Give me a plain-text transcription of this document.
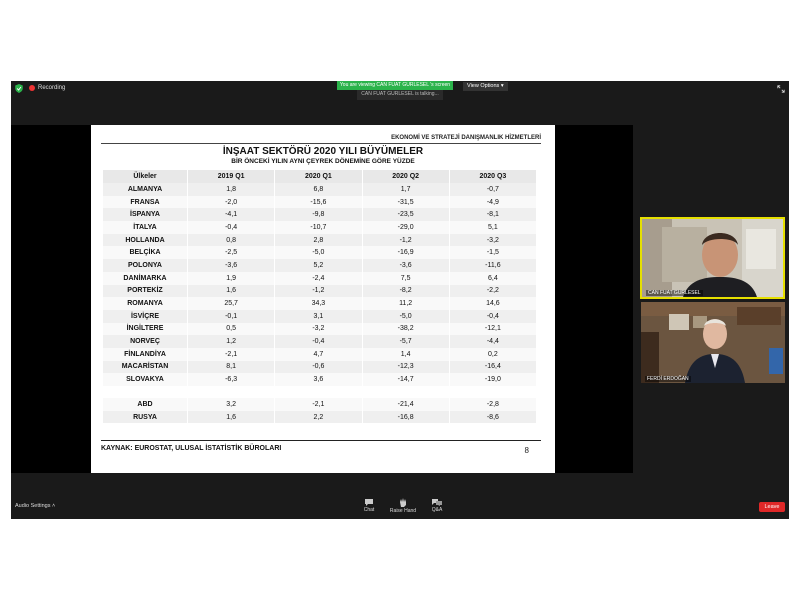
Recording	You are viewing CAN FUAT GURLESEL 's screen
CAN FUAT GURLESEL is talking...
View Options ▾
EKONOMİ VE STRATEJİ DANIŞMANLIK HİZMETLERİ
İNŞAAT SEKTÖRÜ 2020 YILI BÜYÜMELER
BİR ÖNCEKİ YILIN AYNI ÇEYREK DÖNEMİNE GÖRE YÜZDE
Ülkeler	2019 Q1	2020 Q1	2020 Q2	2020 Q3
ALMANYA	1,8	6,8	1,7	-0,7
FRANSA	-2,0	-15,6	-31,5	-4,9
İSPANYA	-4,1	-9,8	-23,5	-8,1
İTALYA	-0,4	-10,7	-29,0	5,1
HOLLANDA	0,8	2,8	-1,2	-3,2
BELÇİKA	-2,5	-5,0	-16,9	-1,5
POLONYA	-3,6	5,2	-3,6	-11,6
DANİMARKA	1,9	-2,4	7,5	6,4
PORTEKİZ	1,6	-1,2	-8,2	-2,2
ROMANYA	25,7	34,3	11,2	14,6
İSVİÇRE	-0,1	3,1	-5,0	-0,4
İNGİLTERE	0,5	-3,2	-38,2	-12,1
NORVEÇ	1,2	-0,4	-5,7	-4,4
FİNLANDİYA	-2,1	4,7	1,4	0,2
MACARİSTAN	8,1	-0,6	-12,3	-16,4
SLOVAKYA	-6,3	3,6	-14,7	-19,0

ABD	3,2	-2,1	-21,4	-2,8
RUSYA	1,6	2,2	-16,8	-8,6
KAYNAK: EUROSTAT, ULUSAL İSTATİSTİK BÜROLARI	8
CAN FUAT GURLESEL
FERDİ ERDOĞAN
Audio Settings ˄
Chat	Raise Hand	Q&A	Leave
